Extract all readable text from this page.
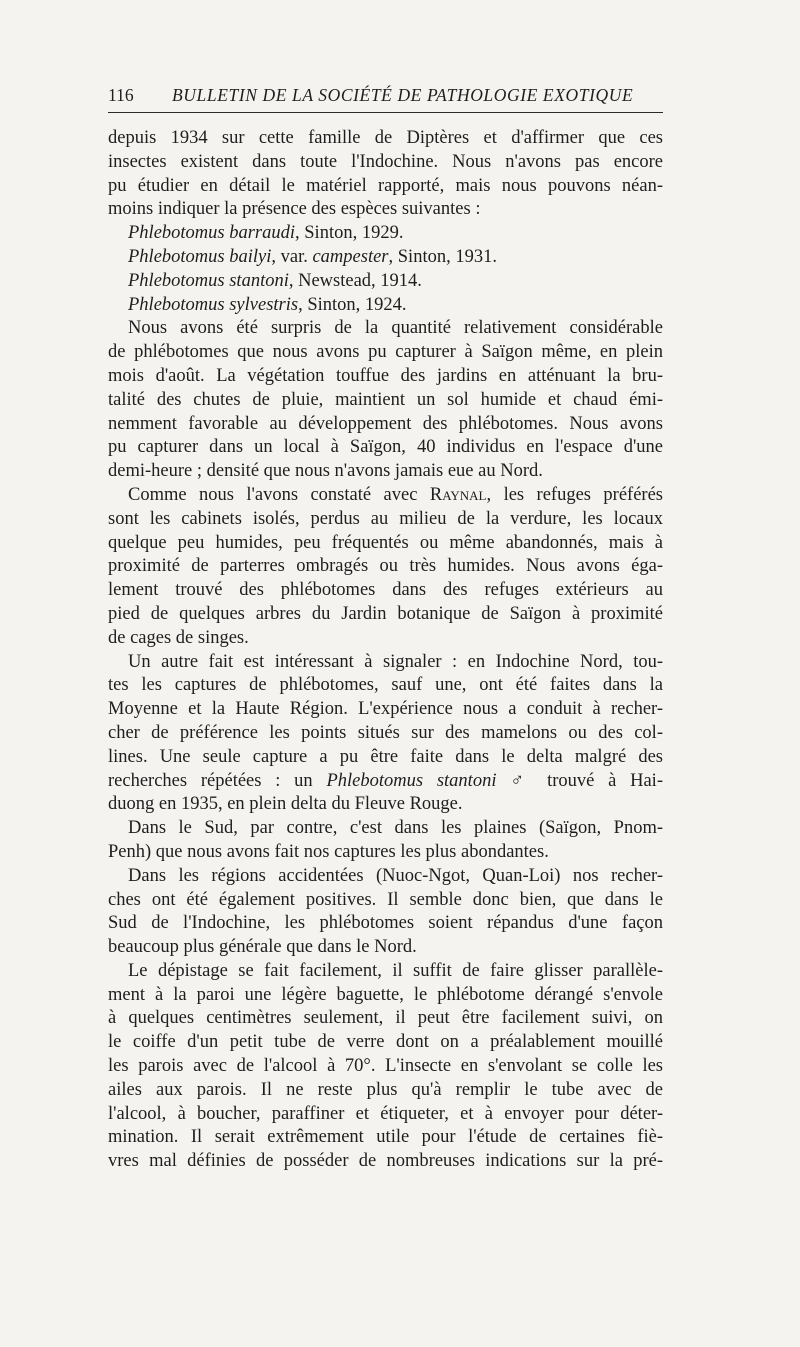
116 BULLETIN DE LA SOCIÉTÉ DE PATHOLOGIE EXOTIQUE

depuis 1934 sur cette famille de Diptères et d'affirmer que ces

insectes existent dans toute l'Indochine. Nous n'avons pas encore

pu étudier en détail le matériel rapporté, mais nous pouvons néan-

moins indiquer la présence des espèces suivantes :

Phlebotomus barraudi, Sinton, 1929.

Phlebotomus bailyi, var. campester, Sinton, 1931.

Phlebotomus stantoni, Newstead, 1914.

Phlebotomus sylvestris, Sinton, 1924.

Nous avons été surpris de la quantité relativement considérable

de phlébotomes que nous avons pu capturer à Saïgon même, en plein

mois d'août. La végétation touffue des jardins en atténuant la bru-

talité des chutes de pluie, maintient un sol humide et chaud émi-

nemment favorable au développement des phlébotomes. Nous avons

pu capturer dans un local à Saïgon, 40 individus en l'espace d'une

demi-heure ; densité que nous n'avons jamais eue au Nord.

Comme nous l'avons constaté avec Raynal, les refuges préférés

sont les cabinets isolés, perdus au milieu de la verdure, les locaux

quelque peu humides, peu fréquentés ou même abandonnés, mais à

proximité de parterres ombragés ou très humides. Nous avons éga-

lement trouvé des phlébotomes dans des refuges extérieurs au

pied de quelques arbres du Jardin botanique de Saïgon à proximité

de cages de singes.

Un autre fait est intéressant à signaler : en Indochine Nord, tou-

tes les captures de phlébotomes, sauf une, ont été faites dans la

Moyenne et la Haute Région. L'expérience nous a conduit à recher-

cher de préférence les points situés sur des mamelons ou des col-

lines. Une seule capture a pu être faite dans le delta malgré des

recherches répétées : un Phlebotomus stantoni ♂ trouvé à Hai-

duong en 1935, en plein delta du Fleuve Rouge.

Dans le Sud, par contre, c'est dans les plaines (Saïgon, Pnom-

Penh) que nous avons fait nos captures les plus abondantes.

Dans les régions accidentées (Nuoc-Ngot, Quan-Loi) nos recher-

ches ont été également positives. Il semble donc bien, que dans le

Sud de l'Indochine, les phlébotomes soient répandus d'une façon

beaucoup plus générale que dans le Nord.

Le dépistage se fait facilement, il suffit de faire glisser parallèle-

ment à la paroi une légère baguette, le phlébotome dérangé s'envole

à quelques centimètres seulement, il peut être facilement suivi, on

le coiffe d'un petit tube de verre dont on a préalablement mouillé

les parois avec de l'alcool à 70°. L'insecte en s'envolant se colle les

ailes aux parois. Il ne reste plus qu'à remplir le tube avec de

l'alcool, à boucher, paraffiner et étiqueter, et à envoyer pour déter-

mination. Il serait extrêmement utile pour l'étude de certaines fiè-

vres mal définies de posséder de nombreuses indications sur la pré-
